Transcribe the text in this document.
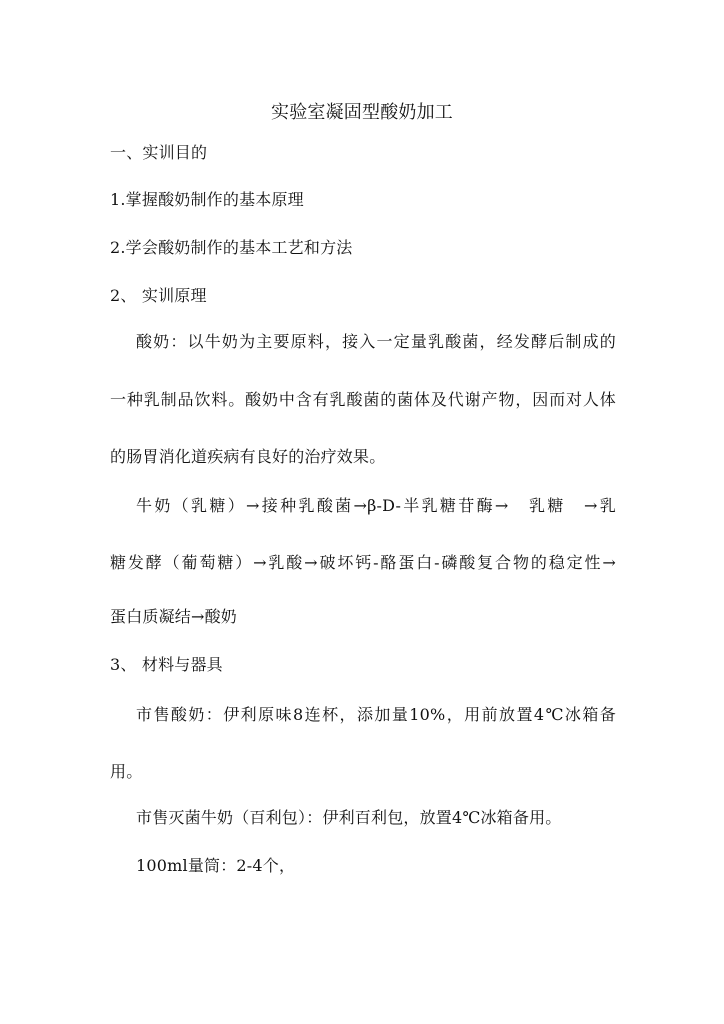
实验室凝固型酸奶加工
一、实训目的
1.掌握酸奶制作的基本原理
2.学会酸奶制作的基本工艺和方法
2、 实训原理
酸奶：以牛奶为主要原料，接入一定量乳酸菌，经发酵后制成的
一种乳制品饮料。酸奶中含有乳酸菌的菌体及代谢产物，因而对人体
的肠胃消化道疾病有良好的治疗效果。
牛奶（乳糖）→接种乳酸菌→β-D-半乳糖苷酶→　乳糖　→乳
糖发酵（葡萄糖）→乳酸→破坏钙-酪蛋白-磷酸复合物的稳定性→
蛋白质凝结→酸奶
3、 材料与器具
市售酸奶：伊利原味8连杯，添加量10%，用前放置4℃冰箱备
用。
市售灭菌牛奶（百利包）：伊利百利包，放置4℃冰箱备用。
100ml量筒：2-4个，
